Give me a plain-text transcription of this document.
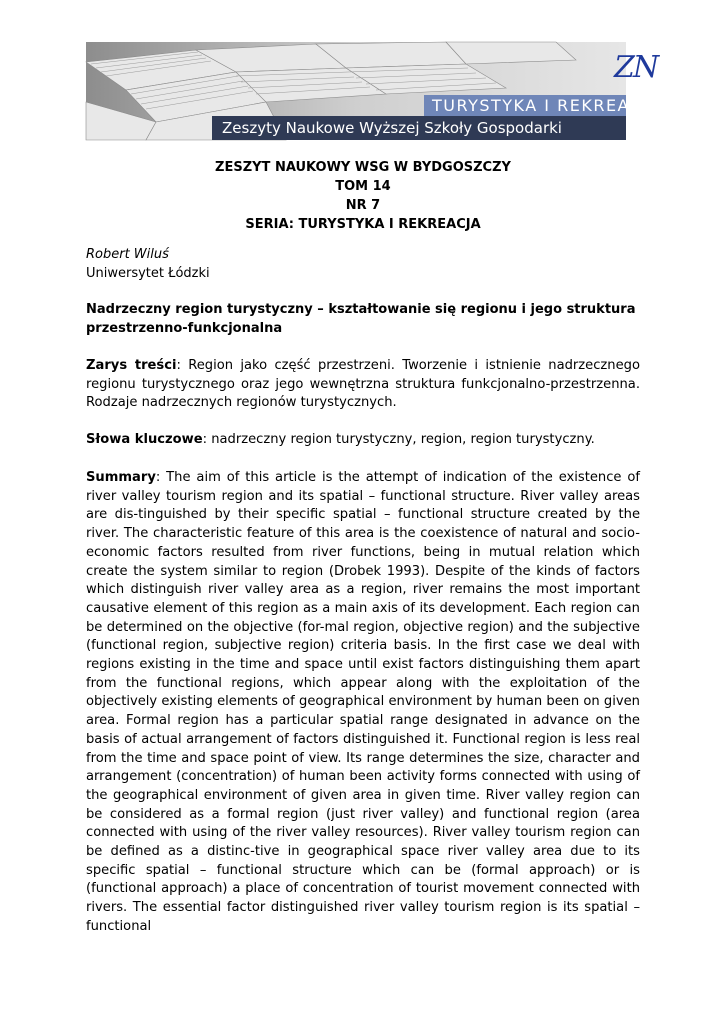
ZN
TURYSTYKA I REKREACJA
Zeszyty Naukowe Wyższej Szkoły Gospodarki
ZESZYT NAUKOWY WSG W BYDGOSZCZY
TOM 14
NR 7
SERIA: TURYSTYKA I REKREACJA
Robert Wiluś
Uniwersytet Łódzki
Nadrzeczny region turystyczny – kształtowanie się regionu i jego struktura przestrzenno-funkcjonalna
Zarys treści: Region jako część przestrzeni. Tworzenie i istnienie nadrzecznego regionu turystycznego oraz jego wewnętrzna struktura funkcjonalno-przestrzenna. Rodzaje nadrzecznych regionów turystycznych.
Słowa kluczowe: nadrzeczny region turystyczny, region, region turystyczny.
Summary: The aim of this article is the attempt of indication of the existence of river valley tourism region and its spatial – functional structure. River valley areas are dis-tinguished by their specific spatial – functional structure created by the river. The characteristic feature of this area is the coexistence of natural and socio-economic factors resulted from river functions, being in mutual relation which create the system similar to region (Drobek 1993). Despite of the kinds of factors which distinguish river valley area as a region, river remains the most important causative element of this region as a main axis of its development. Each region can be determined on the objective (for-mal region, objective region) and the subjective (functional region, subjective region) criteria basis. In the first case we deal with regions existing in the time and space until exist factors distinguishing them apart from the functional regions, which appear along with the exploitation of the objectively existing elements of geographical environment by human been on given area. Formal region has a particular spatial range designated in advance on the basis of actual arrangement of factors distinguished it. Functional region is less real from the time and space point of view. Its range determines the size, character and arrangement (concentration) of human been activity forms connected with using of the geographical environment of given area in given time. River valley region can be considered as a formal region (just river valley) and functional region (area connected with using of the river valley resources). River valley tourism region can be defined as a distinc-tive in geographical space river valley area due to its specific spatial – functional structure which can be (formal approach) or is (functional approach) a place of concentration of tourist movement connected with rivers. The essential factor distinguished river valley tourism region is its spatial – functional
